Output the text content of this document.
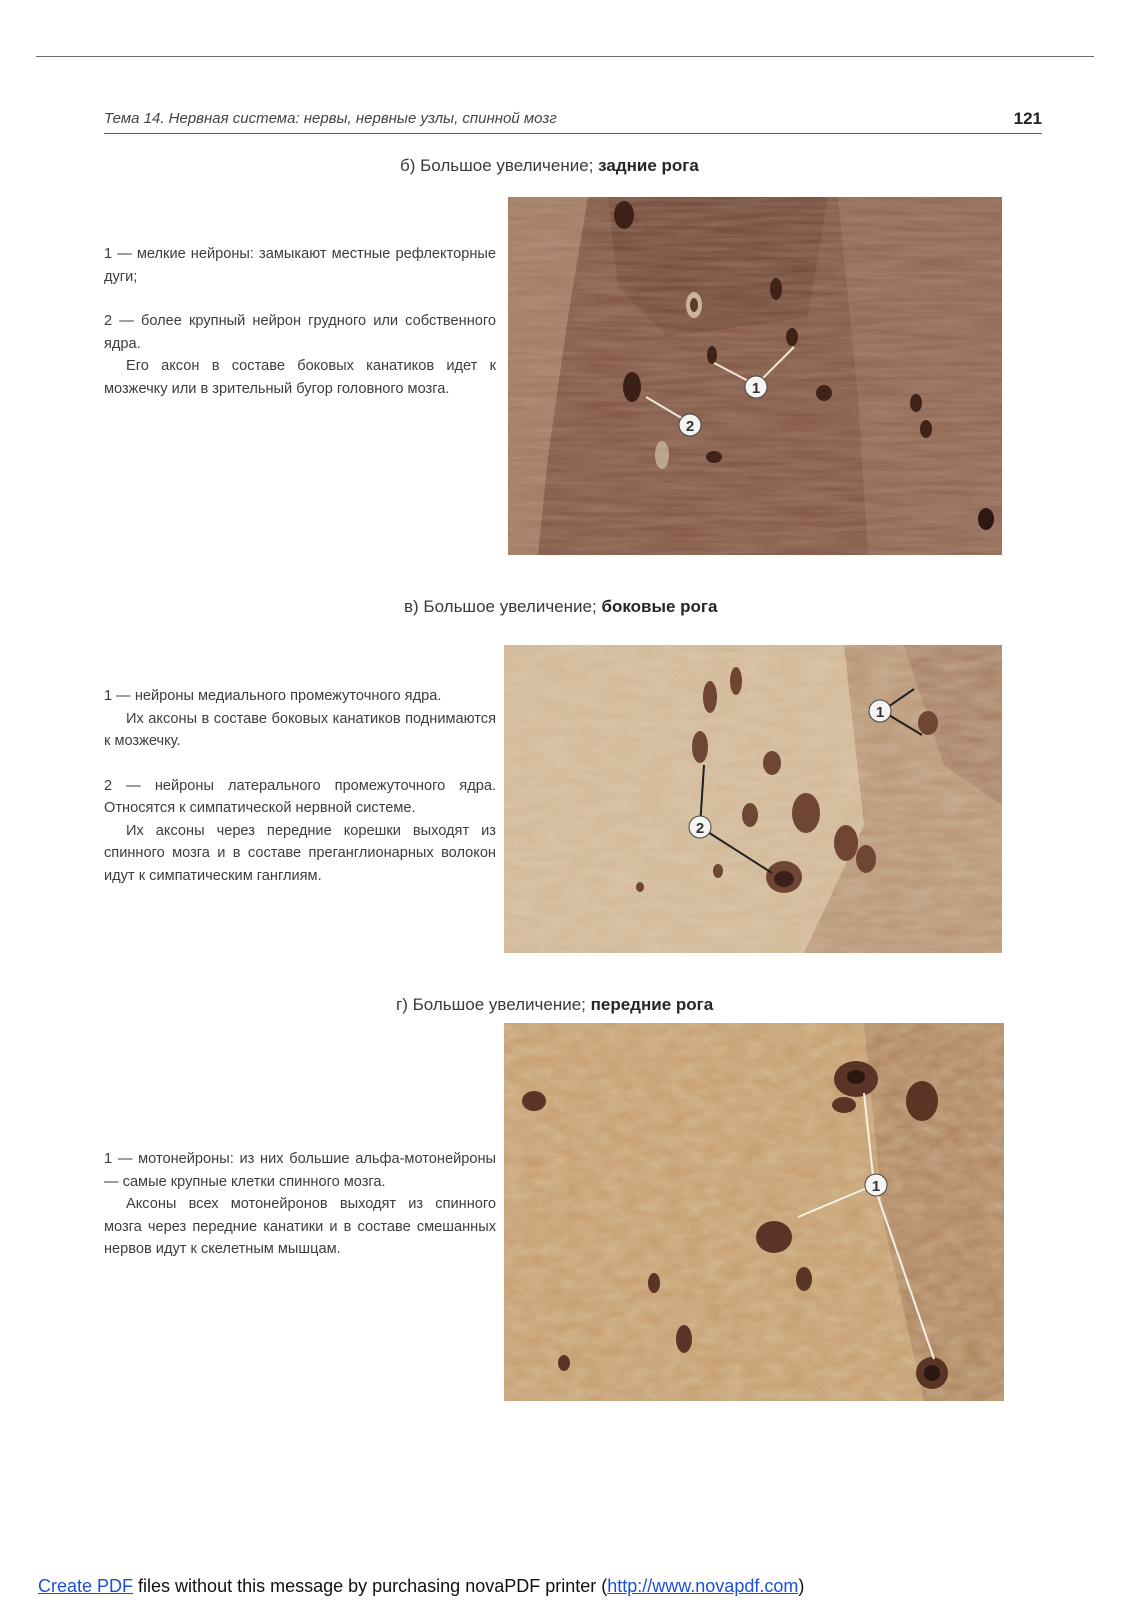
Тема 14. Нервная система: нервы, нервные узлы, спинной мозг	121
б) Большое увеличение; задние рога

1 — мелкие нейроны: замыкают местные рефлекторные дуги;

2 — более крупный нейрон грудного или собственного ядра.

Его аксон в составе боковых канатиков идет к мозжечку или в зрительный бугор головного мозга.	1
2
в) Большое увеличение; боковые рога

1 — нейроны медиального промежуточного ядра.

Их аксоны в составе боковых канатиков поднимаются к мозжечку.

2 — нейроны латерального промежуточного ядра. Относятся к симпатической нервной системе.

Их аксоны через передние корешки выходят из спинного мозга и в составе преганглионарных волокон идут к симпатическим ганглиям.

1
2
г) Большое увеличение; передние рога

1 — мотонейроны: из них большие альфа-мотонейроны — самые крупные клетки спинного мозга.

Аксоны всех мотонейронов выходят из спинного мозга через передние канатики и в составе смешанных нервов идут к скелетным мышцам.

1
Create PDF files without this message by purchasing novaPDF printer (http://www.novapdf.com)
